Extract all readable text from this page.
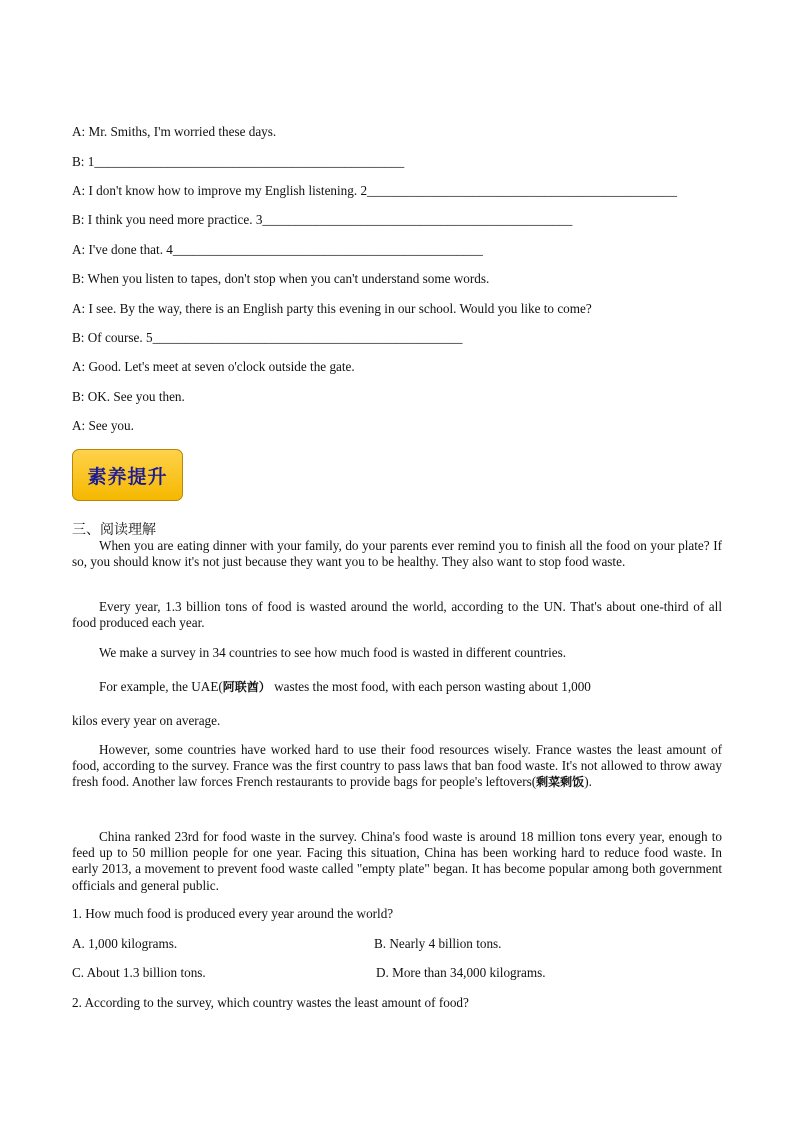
A: Mr. Smiths, I'm worried these days.
B: 1_______________________________________________
A: I don't know how to improve my English listening. 2_______________________________________________
B: I think you need more practice. 3_______________________________________________
A: I've done that. 4_______________________________________________
B: When you listen to tapes, don't stop when you can't understand some words.
A: I see. By the way, there is an English party this evening in our school. Would you like to come?
B: Of course. 5_______________________________________________
A: Good. Let's meet at seven o'clock outside the gate.
B: OK. See you then.
A: See you.
素养提升
三、阅读理解
When you are eating dinner with your family, do your parents ever remind you to finish all the food on your plate? If so, you should know it's not just because they want you to be healthy. They also want to stop food waste.
Every year, 1.3 billion tons of food is wasted around the world, according to the UN. That's about one-third of all food produced each year.
We make a survey in 34 countries to see how much food is wasted in different countries.
For example, the UAE(阿联酋） wastes the most food, with each person wasting about 1,000
kilos every year on average.
However, some countries have worked hard to use their food resources wisely. France wastes the least amount of food, according to the survey. France was the first country to pass laws that ban food waste. It's not allowed to throw away fresh food. Another law forces French restaurants to provide bags for people's leftovers(剩菜剩饭).
China ranked 23rd for food waste in the survey. China's food waste is around 18 million tons every year, enough to feed up to 50 million people for one year. Facing this situation, China has been working hard to reduce food waste. In early 2013, a movement to prevent food waste called "empty plate" began. It has become popular among both government officials and general public.
1. How much food is produced every year around the world?
A. 1,000 kilograms.	B. Nearly 4 billion tons.
C. About 1.3 billion tons.	D. More than 34,000 kilograms.
2. According to the survey, which country wastes the least amount of food?
